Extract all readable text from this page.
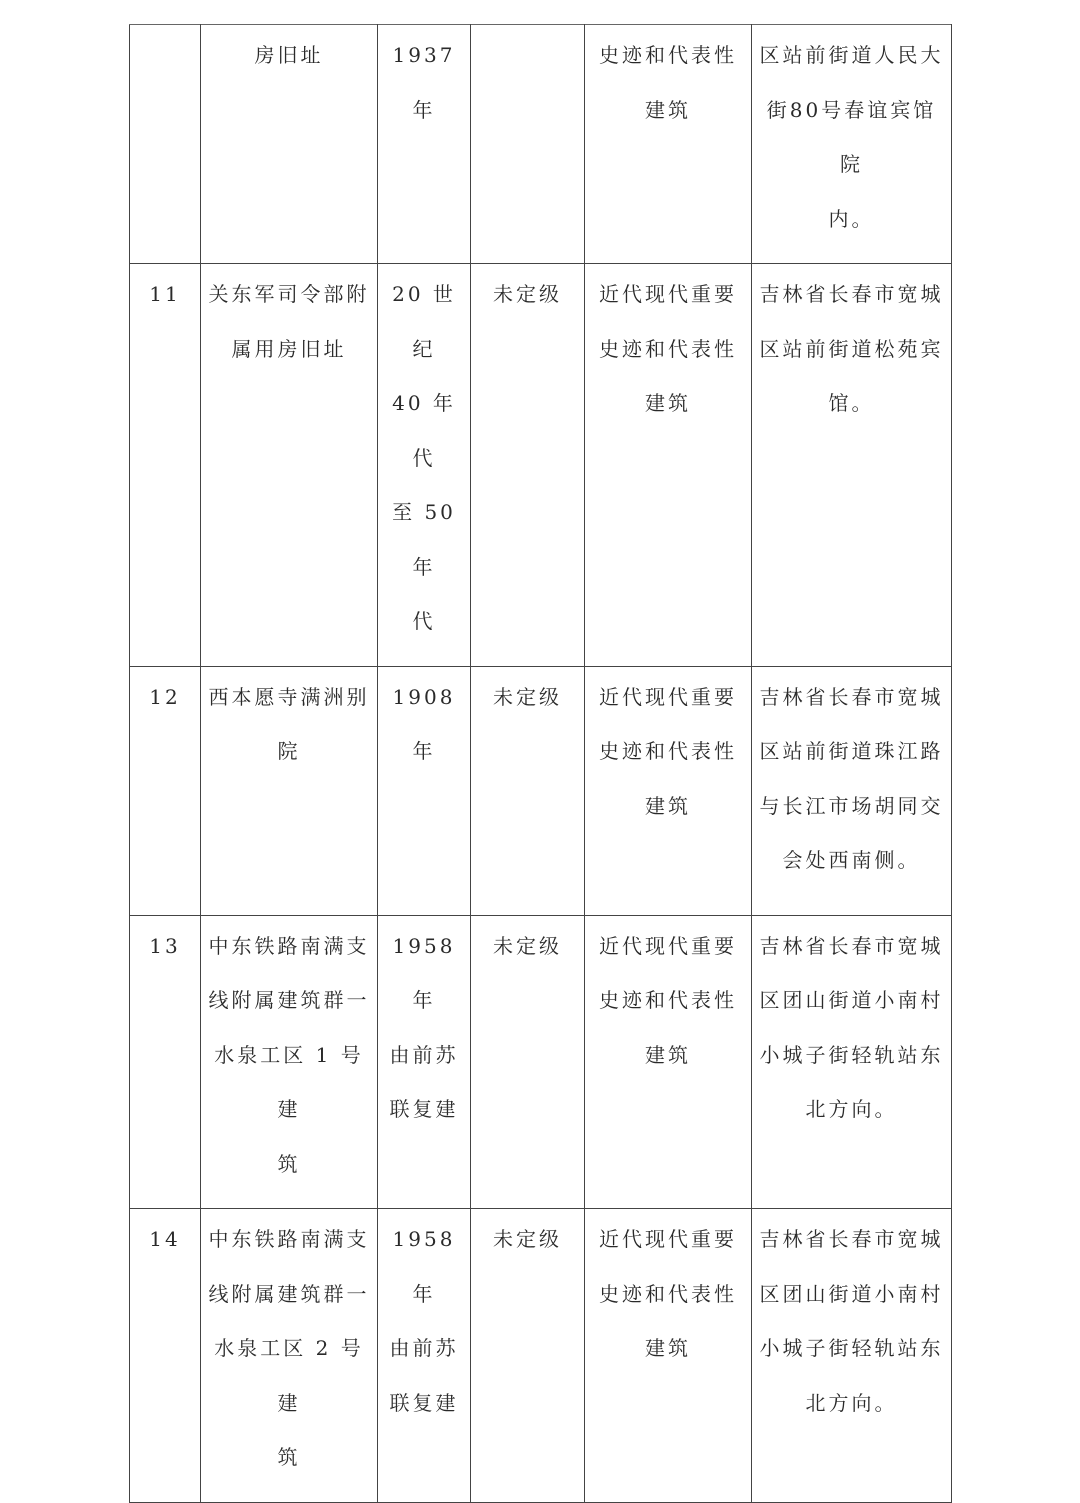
	房旧址	1937 年		史迹和代表性
建筑	区站前街道人民大
街80号春谊宾馆院
内。

11	关东军司令部附
属用房旧址	20 世纪
40 年代
至 50 年
代	未定级	近代现代重要
史迹和代表性
建筑	吉林省长春市宽城
区站前街道松苑宾
馆。

12	西本愿寺满洲别
院	1908 年	未定级	近代现代重要
史迹和代表性
建筑	吉林省长春市宽城
区站前街道珠江路
与长江市场胡同交
会处西南侧。

13	中东铁路南满支
线附属建筑群一
水泉工区 1 号建
筑	1958 年
由前苏
联复建	未定级	近代现代重要
史迹和代表性
建筑	吉林省长春市宽城
区团山街道小南村
小城子街轻轨站东
北方向。

14	中东铁路南满支
线附属建筑群一
水泉工区 2 号建
筑	1958 年
由前苏
联复建	未定级	近代现代重要
史迹和代表性
建筑	吉林省长春市宽城
区团山街道小南村
小城子街轻轨站东
北方向。
